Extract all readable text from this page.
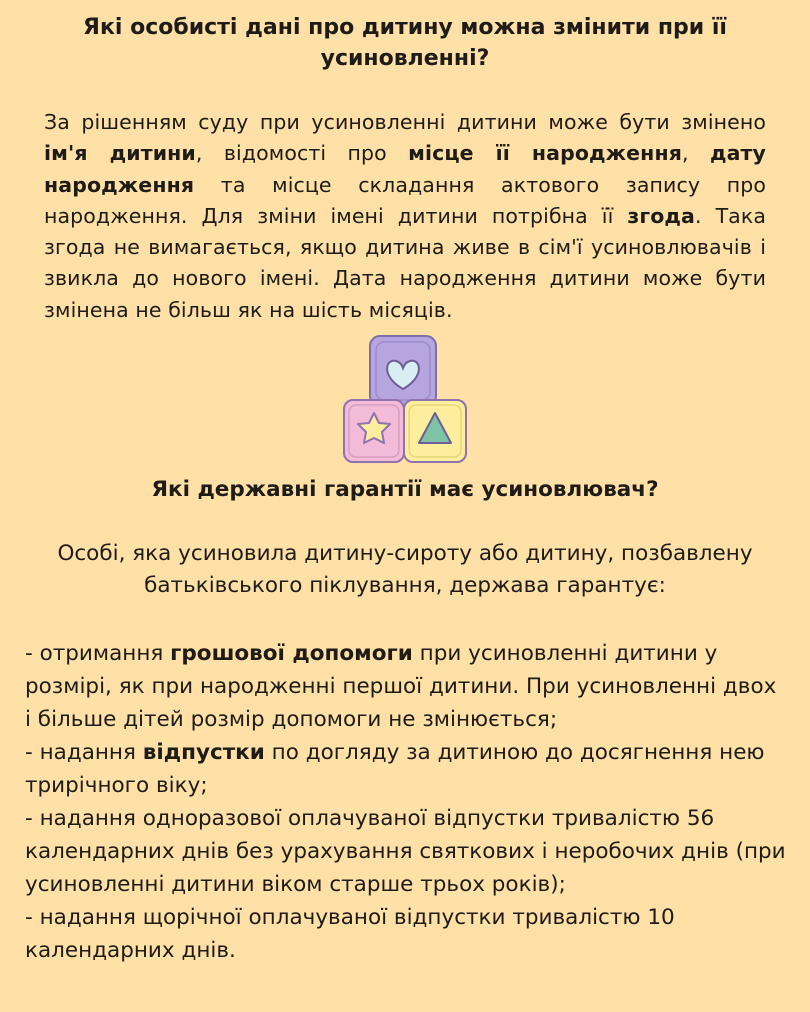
Які особисті дані про дитину можна змінити при її усиновленні?

За рішенням суду при усиновленні дитини може бути змінено ім'я дитини, відомості про місце її народження, дату народження та місце складання актового запису про народження. Для зміни імені дитини потрібна її згода. Така згода не вимагається, якщо дитина живе в сім'ї усиновлювачів і звикла до нового імені. Дата народження дитини може бути змінена не більш як на шість місяців.

Які державні гарантії має усиновлювач?

Особі, яка усиновила дитину-сироту або дитину, позбавлену батьківського піклування, держава гарантує:

- отримання грошової допомоги при усиновленні дитини у розмірі, як при народженні першої дитини. При усиновленні двох і більше дітей розмір допомоги не змінюється;
- надання відпустки по догляду за дитиною до досягнення нею трирічного віку;
- надання одноразової оплачуваної відпустки тривалістю 56 календарних днів без урахування святкових і неробочих днів (при усиновленні дитини віком старше трьох років);
- надання щорічної оплачуваної відпустки тривалістю 10 календарних днів.
